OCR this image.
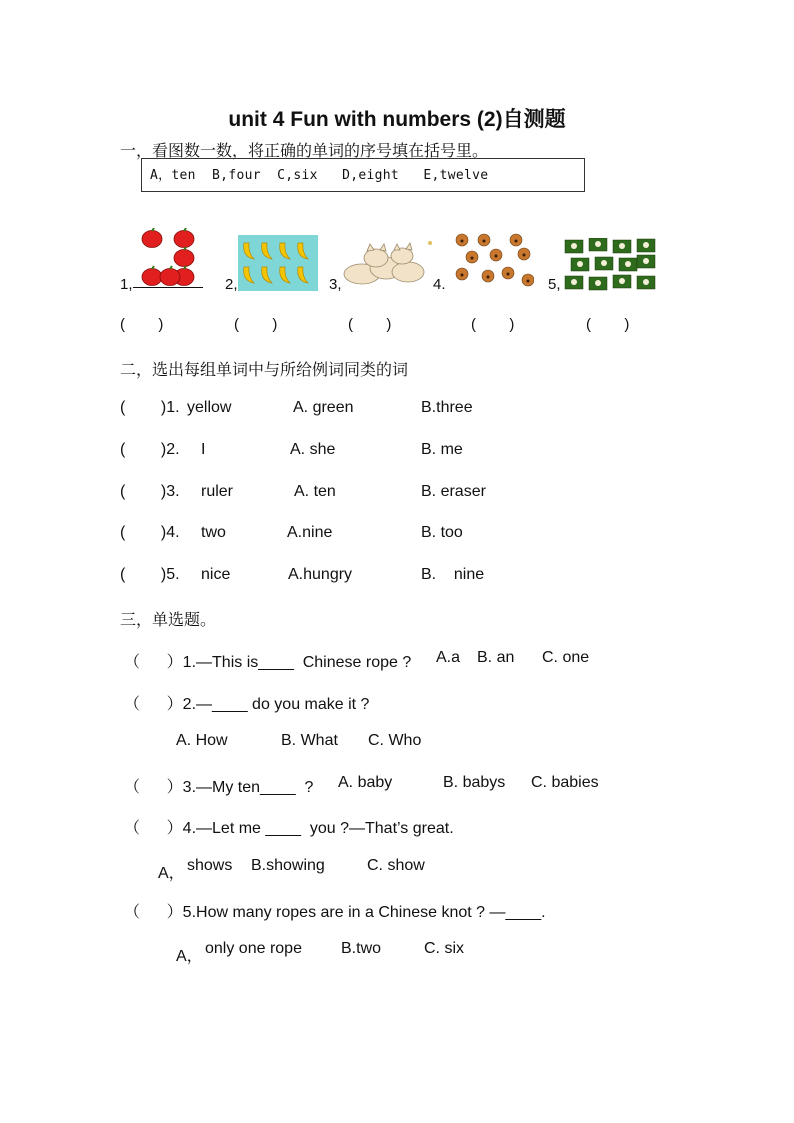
unit 4 Fun with numbers (2)自测题
一，看图数一数，将正确的单词的序号填在括号里。
A，ten  B,four  C,six   D,eight   E,twelve
1,	2,	3,	4.	5,
(        )	(        )	(        )	(        )	(        )
二，选出每组单词中与所给例词同类的词
(        )1. yellow	A. green	B.three
(        )2. I	A. she	B. me
(        )3. ruler	A. ten	B. eraser
(        )4. two	A.nine	B. too
(        )5. nice	A.hungry	B.    nine
三，单选题。
（      ）1.—This is____  Chinese rope ? A.a B. an C. one
（      ）2.—____ do you make it ?
A. How	B. What C. Who
（      ）3.—My ten____  ? A. baby	B. babys C. babies
（      ）4.—Let me ____  you ?—That’s great.
A， shows B.showing	C. show
（      ）5.How many ropes are in a Chinese knot ? —____.
A， only one rope B.two	C. six
